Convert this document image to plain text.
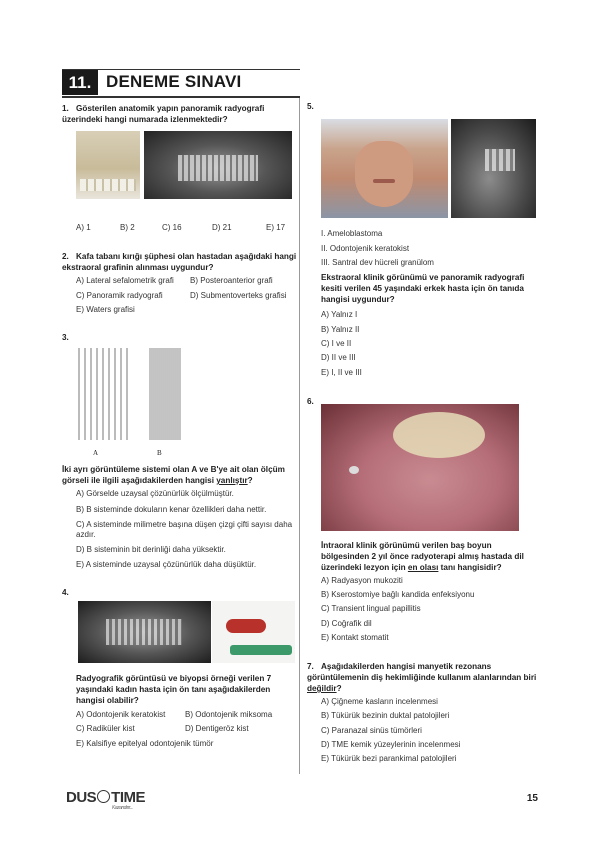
11. DENEME SINAVI
1. Gösterilen anatomik yapın panoramik radyografi üzerindeki hangi numarada izlenmektedir?
A) 1	B) 2	C) 16	D) 21	E) 17
2. Kafa tabanı kırığı şüphesi olan hastadan aşağıdaki hangi ekstraoral grafinin alınması uygundur?
A) Lateral sefalometrik grafi B) Posteroanterior grafi
C) Panoramik radyografi	D) Submentoverteks grafisi
E) Waters grafisi
3.
A	B
İki ayrı görüntüleme sistemi olan A ve B'ye ait olan ölçüm görseli ile ilgili aşağıdakilerden hangisi yanlıştır?
A) Görselde uzaysal çözünürlük ölçülmüştür.
B) B sisteminde dokuların kenar özellikleri daha nettir.
C) A sisteminde milimetre başına düşen çizgi çifti sayısı daha azdır.
D) B sisteminin bit derinliği daha yüksektir.
E) A sisteminde uzaysal çözünürlük daha düşüktür.
4.
Radyografik görüntüsü ve biyopsi örneği verilen 7 yaşındaki kadın hasta için ön tanı aşağıdakilerden hangisi olabilir?
A) Odontojenik keratokist B) Odontojenik miksoma
C) Radiküler kist	D) Dentigeröz kist
E) Kalsifiye epitelyal odontojenik tümör
5.
I. Ameloblastoma
II. Odontojenik keratokist
III. Santral dev hücreli granülom
Ekstraoral klinik görünümü ve panoramik radyografi kesiti verilen 45 yaşındaki erkek hasta için ön tanıda hangisi uygundur?
A) Yalnız I
B) Yalnız II
C) I ve II
D) II ve III
E) I, II ve III
6.
İntraoral klinik görünümü verilen baş boyun bölgesinden 2 yıl önce radyoterapi almış hastada dil üzerindeki lezyon için en olası tanı hangisidir?
A) Radyasyon mukoziti
B) Kserostomiye bağlı kandida enfeksiyonu
C) Transient lingual papillitis
D) Coğrafik dil
E) Kontakt stomatit
7. Aşağıdakilerden hangisi manyetik rezonans görüntülemenin diş hekimliğinde kullanım alanlarından biri değildir?
A) Çiğneme kasların incelenmesi
B) Tükürük bezinin duktal patolojileri
C) Paranazal sinüs tümörleri
D) TME kemik yüzeylerinin incelenmesi
E) Tükürük bezi parankimal patolojileri
DUS TIME
Kazandırır...
15
